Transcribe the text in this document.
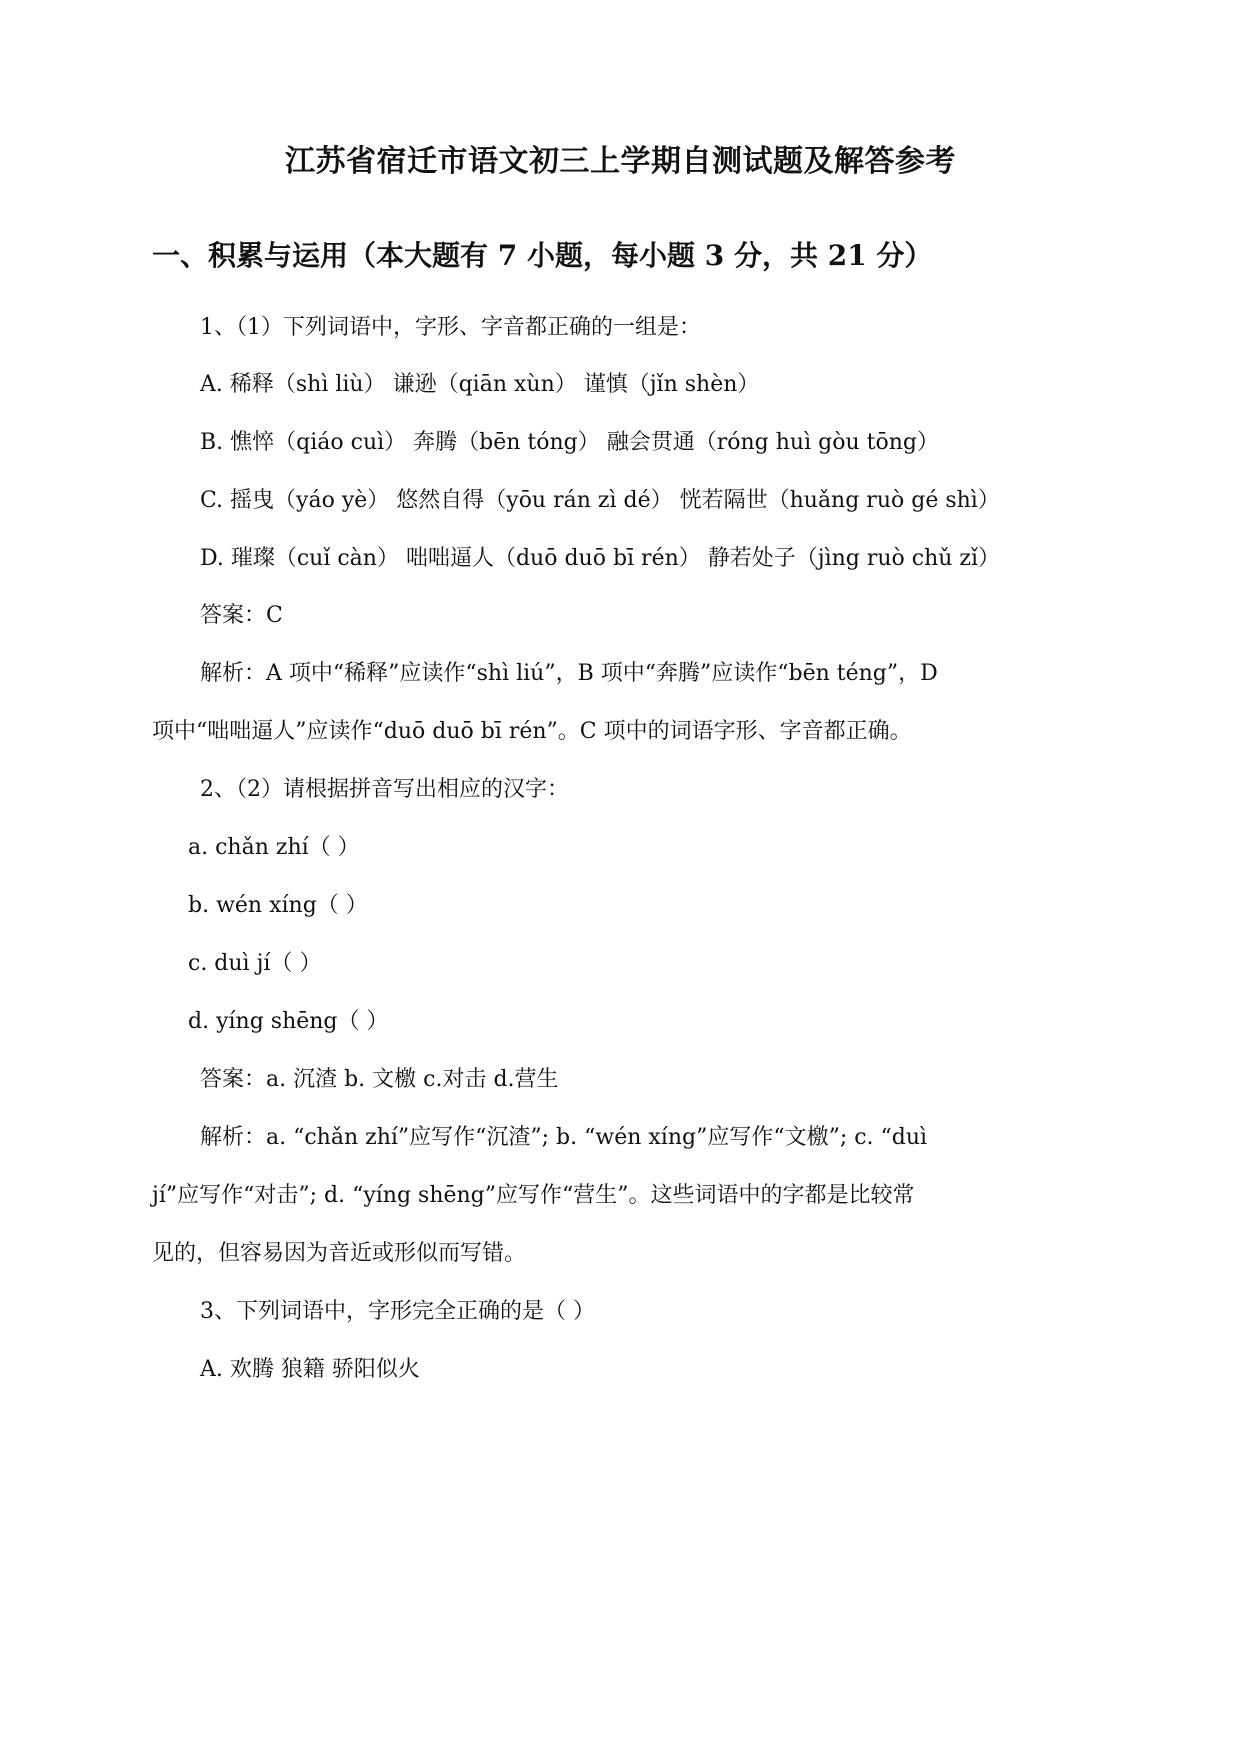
江苏省宿迁市语文初三上学期自测试题及解答参考
一、积累与运用（本大题有 7 小题，每小题 3 分，共 21 分）
1、（1）下列词语中，字形、字音都正确的一组是：
A. 稀释（shì liù） 谦逊（qiān xùn） 谨慎（jǐn shèn）
B. 憔悴（qiáo cuì） 奔腾（bēn tóng） 融会贯通（róng huì gòu tōng）
C. 摇曳（yáo yè） 悠然自得（yōu rán zì dé） 恍若隔世（huǎng ruò gé shì）
D. 璀璨（cuǐ càn） 咄咄逼人（duō duō bī rén） 静若处子（jìng ruò chǔ zǐ）
答案：C
解析：A 项中“稀释”应读作“shì liú”，B 项中“奔腾”应读作“bēn téng”，D
项中“咄咄逼人”应读作“duō duō bī rén”。C 项中的词语字形、字音都正确。
2、（2）请根据拼音写出相应的汉字：
a. chǎn zhí（ ）
b. wén xíng（ ）
c. duì jí（ ）
d. yíng shēng（ ）
答案：a. 沉渣 b. 文檄 c.对击 d.营生
解析：a. “chǎn zhí”应写作“沉渣”; b. “wén xíng”应写作“文檄”; c. “duì
jí”应写作“对击”; d. “yíng shēng”应写作“营生”。这些词语中的字都是比较常
见的，但容易因为音近或形似而写错。
3、下列词语中，字形完全正确的是（ ）
A. 欢腾 狼籍 骄阳似火
